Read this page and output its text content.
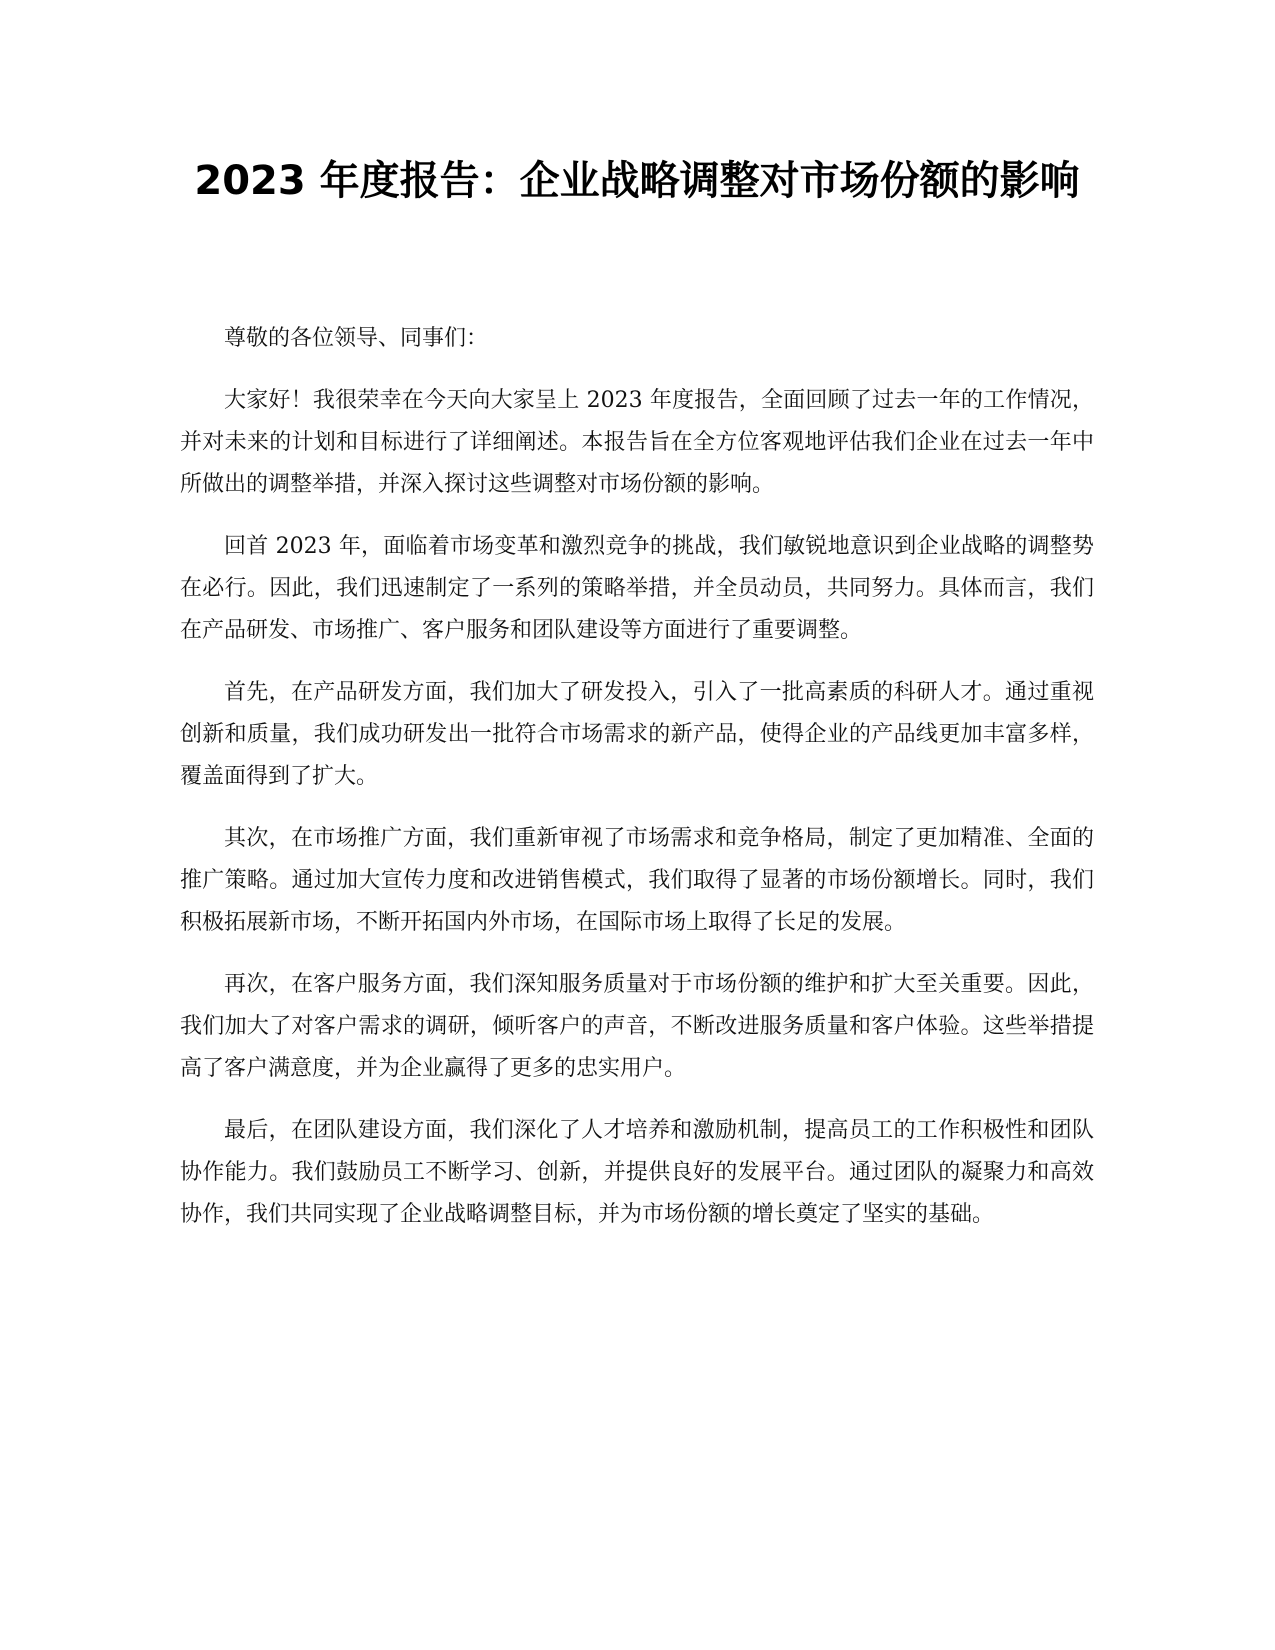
2023 年度报告：企业战略调整对市场份额的影响

尊敬的各位领导、同事们：

大家好！我很荣幸在今天向大家呈上 2023 年度报告，全面回顾了过去一年的工作情况，并对未来的计划和目标进行了详细阐述。本报告旨在全方位客观地评估我们企业在过去一年中所做出的调整举措，并深入探讨这些调整对市场份额的影响。

回首 2023 年，面临着市场变革和激烈竞争的挑战，我们敏锐地意识到企业战略的调整势在必行。因此，我们迅速制定了一系列的策略举措，并全员动员，共同努力。具体而言，我们在产品研发、市场推广、客户服务和团队建设等方面进行了重要调整。

首先，在产品研发方面，我们加大了研发投入，引入了一批高素质的科研人才。通过重视创新和质量，我们成功研发出一批符合市场需求的新产品，使得企业的产品线更加丰富多样，覆盖面得到了扩大。

其次，在市场推广方面，我们重新审视了市场需求和竞争格局，制定了更加精准、全面的推广策略。通过加大宣传力度和改进销售模式，我们取得了显著的市场份额增长。同时，我们积极拓展新市场，不断开拓国内外市场，在国际市场上取得了长足的发展。

再次，在客户服务方面，我们深知服务质量对于市场份额的维护和扩大至关重要。因此，我们加大了对客户需求的调研，倾听客户的声音，不断改进服务质量和客户体验。这些举措提高了客户满意度，并为企业赢得了更多的忠实用户。

最后，在团队建设方面，我们深化了人才培养和激励机制，提高员工的工作积极性和团队协作能力。我们鼓励员工不断学习、创新，并提供良好的发展平台。通过团队的凝聚力和高效协作，我们共同实现了企业战略调整目标，并为市场份额的增长奠定了坚实的基础。
